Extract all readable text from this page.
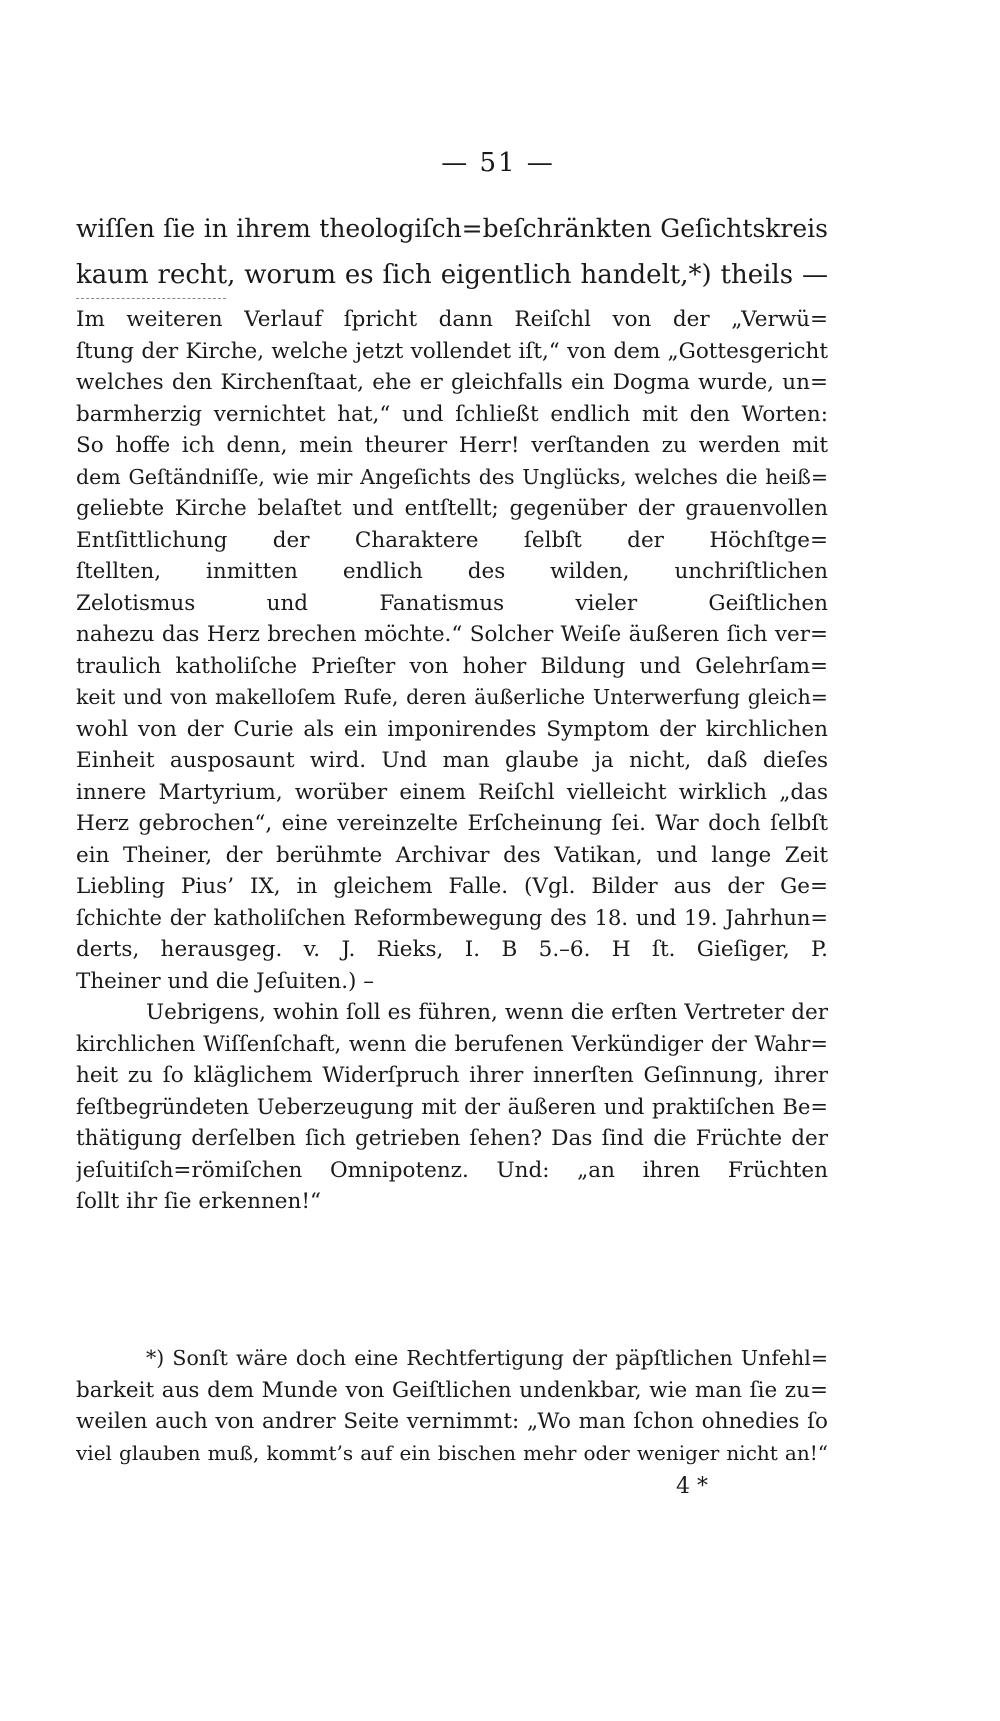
— 51 —
wiſſen ſie in ihrem theologiſch=beſchränkten Geſichtskreis
kaum recht, worum es ſich eigentlich handelt,*) theils —
Im weiteren Verlauf ſpricht dann Reiſchl von der „Verwü=
ſtung der Kirche, welche jetzt vollendet iſt,“ von dem „Gottesgericht
welches den Kirchenſtaat, ehe er gleichfalls ein Dogma wurde, un=
barmherzig vernichtet hat,“ und ſchließt endlich mit den Worten:
So hoffe ich denn, mein theurer Herr! verſtanden zu werden mit
dem Geſtändniſſe, wie mir Angeſichts des Unglücks, welches die heiß=
geliebte Kirche belaſtet und entſtellt; gegenüber der grauenvollen
Entſittlichung der Charaktere ſelbſt der Höchſtge=
ſtellten, inmitten endlich des wilden, unchriſtlichen
Zelotismus und Fanatismus vieler Geiſtlichen
nahezu das Herz brechen möchte.“ Solcher Weiſe äußeren ſich ver=
traulich katholiſche Prieſter von hoher Bildung und Gelehrſam=
keit und von makelloſem Rufe, deren äußerliche Unterwerfung gleich=
wohl von der Curie als ein imponirendes Symptom der kirchlichen
Einheit ausposaunt wird. Und man glaube ja nicht, daß dieſes
innere Martyrium, worüber einem Reiſchl vielleicht wirklich „das
Herz gebrochen“, eine vereinzelte Erſcheinung ſei. War doch ſelbſt
ein Theiner, der berühmte Archivar des Vatikan, und lange Zeit
Liebling Pius’ IX, in gleichem Falle. (Vgl. Bilder aus der Ge=
ſchichte der katholiſchen Reformbewegung des 18. und 19. Jahrhun=
derts, herausgeg. v. J. Rieks, I. B 5.–6. H ſt. Gieſiger, P.
Theiner und die Jeſuiten.) –
Uebrigens, wohin ſoll es führen, wenn die erſten Vertreter der
kirchlichen Wiſſenſchaft, wenn die berufenen Verkündiger der Wahr=
heit zu ſo kläglichem Widerſpruch ihrer innerſten Geſinnung, ihrer
feſtbegründeten Ueberzeugung mit der äußeren und praktiſchen Be=
thätigung derſelben ſich getrieben ſehen? Das ſind die Früchte der
jeſuitiſch=römiſchen Omnipotenz. Und: „an ihren Früchten
ſollt ihr ſie erkennen!“
*) Sonſt wäre doch eine Rechtfertigung der päpſtlichen Unfehl=
barkeit aus dem Munde von Geiſtlichen undenkbar, wie man ſie zu=
weilen auch von andrer Seite vernimmt: „Wo man ſchon ohnedies ſo
viel glauben muß, kommt’s auf ein bischen mehr oder weniger nicht an!“
4 *
